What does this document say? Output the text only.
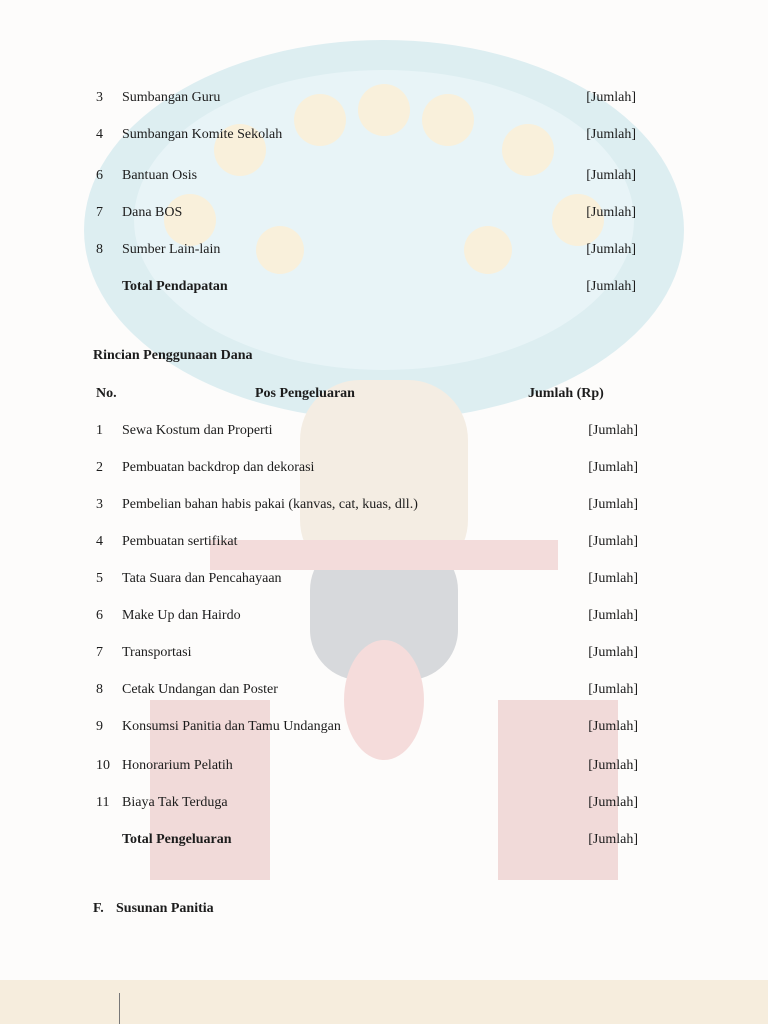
3 Sumbangan Guru	[Jumlah]
4 Sumbangan Komite Sekolah	[Jumlah]
6 Bantuan Osis	[Jumlah]
7 Dana BOS	[Jumlah]
8 Sumber Lain-lain	[Jumlah]
Total Pendapatan	[Jumlah]
Rincian Penggunaan Dana
No.	Pos Pengeluaran	Jumlah (Rp)
1 Sewa Kostum dan Properti	[Jumlah]
2 Pembuatan backdrop dan dekorasi	[Jumlah]
3 Pembelian bahan habis pakai (kanvas, cat, kuas, dll.)	[Jumlah]
4 Pembuatan sertifikat	[Jumlah]
5 Tata Suara dan Pencahayaan	[Jumlah]
6 Make Up dan Hairdo	[Jumlah]
7 Transportasi	[Jumlah]
8 Cetak Undangan dan Poster	[Jumlah]
9 Konsumsi Panitia dan Tamu Undangan	[Jumlah]
10 Honorarium Pelatih	[Jumlah]
11 Biaya Tak Terduga	[Jumlah]
Total Pengeluaran	[Jumlah]
F. Susunan Panitia
